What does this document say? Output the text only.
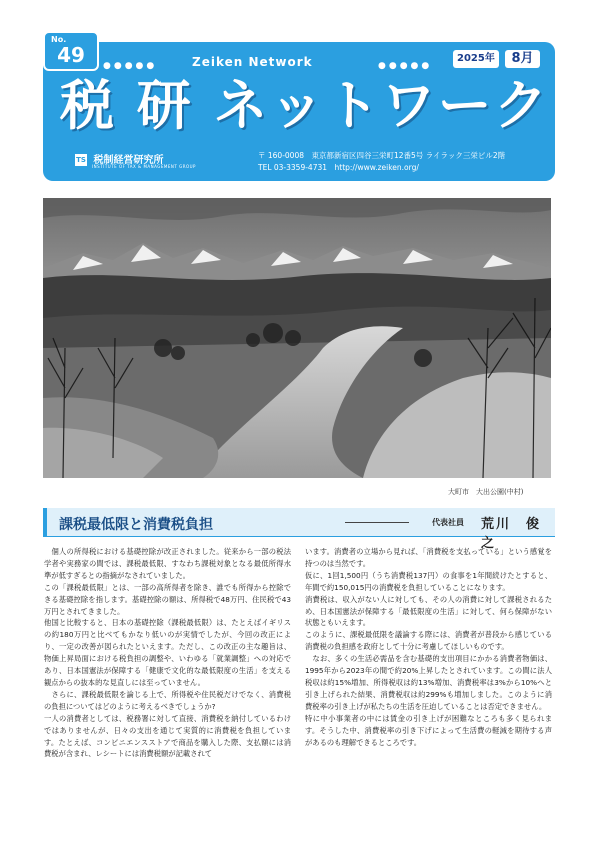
No.
49	●●●●●	Zeiken Network	●●●●●
2025年	8月
税 研 ネットワーク
TS 税制経営研究所
INSTITUTE OF TAX & MANAGEMENT GROUP
〒 160-0008　東京都新宿区四谷三栄町12番5号 ライラック三栄ビル2階
TEL 03-3359-4731　http://www.zeiken.org/
大町市　大出公園(中村)
課税最低限と消費税負担	代表社員 荒川　俊之

　個人の所得税における基礎控除が改正されました。従来から一部の税法学者や実務家の間では、課税最低限、すなわち課税対象となる最低所得水準が低すぎるとの指摘がなされていました。

この「課税最低限」とは、一部の高所得者を除き、誰でも所得から控除できる基礎控除を指します。基礎控除の額は、所得税で48万円、住民税で43万円とされてきました。

他国と比較すると、日本の基礎控除（課税最低限）は、たとえばイギリスの約180万円と比べてもかなり低いのが実情でしたが、今回の改正により、一定の改善が図られたといえます。ただし、この改正の主な趣旨は、物価上昇局面における税負担の調整や、いわゆる「就業調整」への対応であり、日本国憲法が保障する「健康で文化的な最低限度の生活」を支える観点からの抜本的な見直しには至っていません。

　さらに、課税最低限を論じる上で、所得税や住民税だけでなく、消費税の負担についてはどのように考えるべきでしょうか?

一人の消費者としては、税務署に対して直接、消費税を納付しているわけではありませんが、日々の支出を通じて実質的に消費税を負担しています。たとえば、コンビニエンスストアで商品を購入した際、支払額には消費税が含まれ、レシートには消費税額が記載されて

います。消費者の立場から見れば、「消費税を支払っている」という感覚を持つのは当然です。

仮に、1回1,500円（うち消費税137円）の食事を1年間続けたとすると、年間で約150,015円の消費税を負担していることになります。

消費税は、収入がない人に対しても、その人の消費に対して課税されるため、日本国憲法が保障する「最低限度の生活」に対して、何ら保障がない状態ともいえます。

このように、課税最低限を議論する際には、消費者が普段から感じている消費税の負担感を政府として十分に考慮してほしいものです。

　なお、多くの生活必需品を含む基礎的支出項目にかかる消費者物価は、1995年から2023年の間で約20%上昇したとされています。この間に法人税収は約15%増加、所得税収は約13%増加、消費税率は3%から10%へと引き上げられた結果、消費税収は約299%も増加しました。このように消費税率の引き上げが私たちの生活を圧迫していることは否定できません。

特に中小事業者の中には賃金の引き上げが困難なところも多く見られます。そうした中、消費税率の引き下げによって生活費の軽減を期待する声があるのも理解できるところです。
